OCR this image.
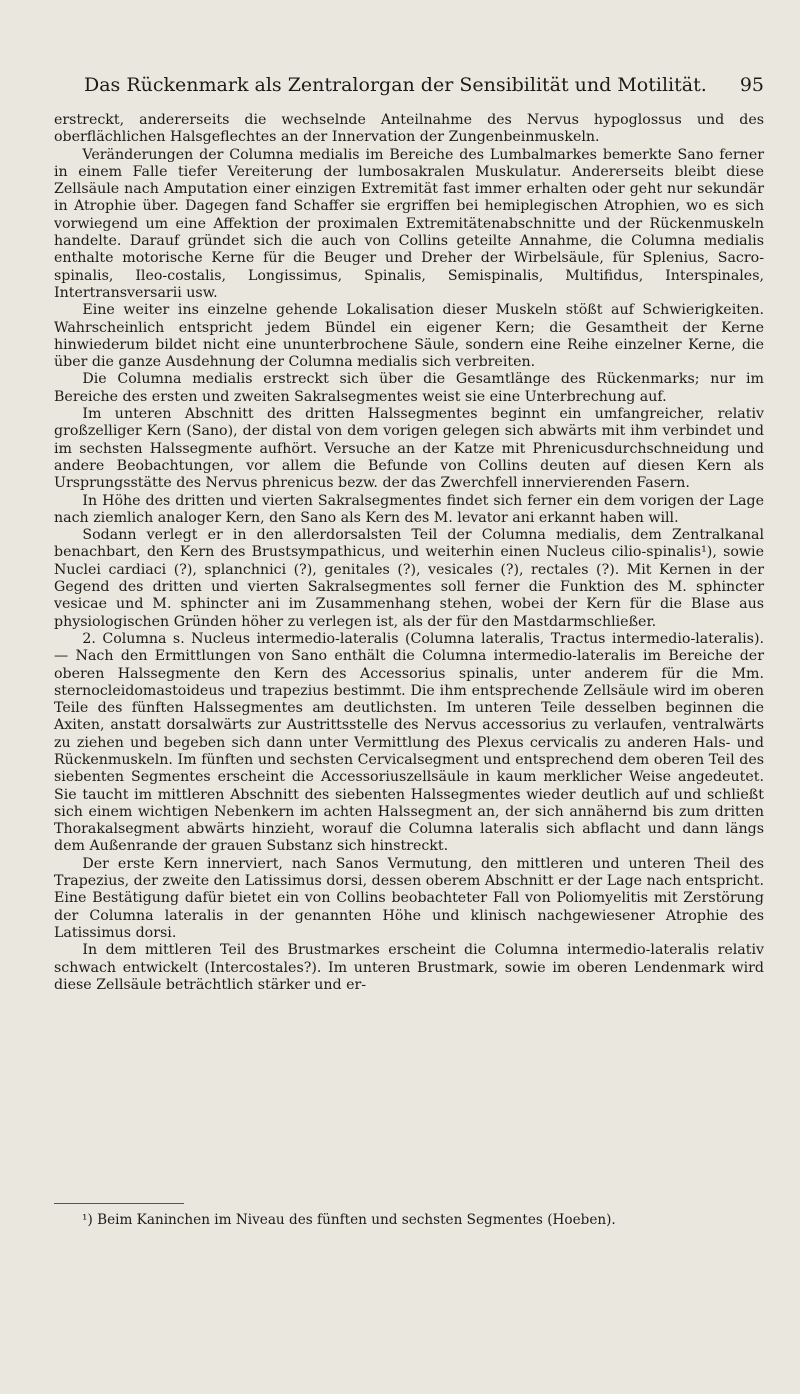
Das Rückenmark als Zentralorgan der Sensibilität und Motilität. 95

erstreckt, andererseits die wechselnde Anteilnahme des Nervus hypoglossus und des oberflächlichen Halsgeflechtes an der Innervation der Zungenbeinmuskeln.

Veränderungen der Columna medialis im Bereiche des Lumbalmarkes bemerkte Sano ferner in einem Falle tiefer Vereiterung der lumbosakralen Muskulatur. Andererseits bleibt diese Zellsäule nach Amputation einer einzigen Extremität fast immer erhalten oder geht nur sekundär in Atrophie über. Dagegen fand Schaffer sie ergriffen bei hemiplegischen Atrophien, wo es sich vorwiegend um eine Affektion der proximalen Extremitätenabschnitte und der Rückenmuskeln handelte. Darauf gründet sich die auch von Collins geteilte Annahme, die Columna medialis enthalte motorische Kerne für die Beuger und Dreher der Wirbelsäule, für Splenius, Sacro-spinalis, Ileo-costalis, Longissimus, Spinalis, Semispinalis, Multifidus, Interspinales, Intertransversarii usw.

Eine weiter ins einzelne gehende Lokalisation dieser Muskeln stößt auf Schwierigkeiten. Wahrscheinlich entspricht jedem Bündel ein eigener Kern; die Gesamtheit der Kerne hinwiederum bildet nicht eine ununterbrochene Säule, sondern eine Reihe einzelner Kerne, die über die ganze Ausdehnung der Columna medialis sich verbreiten.

Die Columna medialis erstreckt sich über die Gesamtlänge des Rückenmarks; nur im Bereiche des ersten und zweiten Sakralsegmentes weist sie eine Unterbrechung auf.

Im unteren Abschnitt des dritten Halssegmentes beginnt ein umfangreicher, relativ großzelliger Kern (Sano), der distal von dem vorigen gelegen sich abwärts mit ihm verbindet und im sechsten Halssegmente aufhört. Versuche an der Katze mit Phrenicusdurchschneidung und andere Beobachtungen, vor allem die Befunde von Collins deuten auf diesen Kern als Ursprungsstätte des Nervus phrenicus bezw. der das Zwerchfell innervierenden Fasern.

In Höhe des dritten und vierten Sakralsegmentes findet sich ferner ein dem vorigen der Lage nach ziemlich analoger Kern, den Sano als Kern des M. levator ani erkannt haben will.

Sodann verlegt er in den allerdorsalsten Teil der Columna medialis, dem Zentralkanal benachbart, den Kern des Brustsympathicus, und weiterhin einen Nucleus cilio-spinalis¹), sowie Nuclei cardiaci (?), splanchnici (?), genitales (?), vesicales (?), rectales (?). Mit Kernen in der Gegend des dritten und vierten Sakralsegmentes soll ferner die Funktion des M. sphincter vesicae und M. sphincter ani im Zusammenhang stehen, wobei der Kern für die Blase aus physiologischen Gründen höher zu verlegen ist, als der für den Mastdarmschließer.

2. Columna s. Nucleus intermedio-lateralis (Columna lateralis, Tractus intermedio-lateralis). — Nach den Ermittlungen von Sano enthält die Columna intermedio-lateralis im Bereiche der oberen Halssegmente den Kern des Accessorius spinalis, unter anderem für die Mm. sternocleidomastoideus und trapezius bestimmt. Die ihm entsprechende Zellsäule wird im oberen Teile des fünften Halssegmentes am deutlichsten. Im unteren Teile desselben beginnen die Axiten, anstatt dorsalwärts zur Austrittsstelle des Nervus accessorius zu verlaufen, ventralwärts zu ziehen und begeben sich dann unter Vermittlung des Plexus cervicalis zu anderen Hals- und Rückenmuskeln. Im fünften und sechsten Cervicalsegment und entsprechend dem oberen Teil des siebenten Segmentes erscheint die Accessoriuszellsäule in kaum merklicher Weise angedeutet. Sie taucht im mittleren Abschnitt des siebenten Halssegmentes wieder deutlich auf und schließt sich einem wichtigen Nebenkern im achten Halssegment an, der sich annähernd bis zum dritten Thorakalsegment abwärts hinzieht, worauf die Columna lateralis sich abflacht und dann längs dem Außenrande der grauen Substanz sich hinstreckt.

Der erste Kern innerviert, nach Sanos Vermutung, den mittleren und unteren Theil des Trapezius, der zweite den Latissimus dorsi, dessen oberem Abschnitt er der Lage nach entspricht. Eine Bestätigung dafür bietet ein von Collins beobachteter Fall von Poliomyelitis mit Zerstörung der Columna lateralis in der genannten Höhe und klinisch nachgewiesener Atrophie des Latissimus dorsi.

In dem mittleren Teil des Brustmarkes erscheint die Columna intermedio-lateralis relativ schwach entwickelt (Intercostales?). Im unteren Brustmark, sowie im oberen Lendenmark wird diese Zellsäule beträchtlich stärker und er-

¹) Beim Kaninchen im Niveau des fünften und sechsten Segmentes (Hoeben).
